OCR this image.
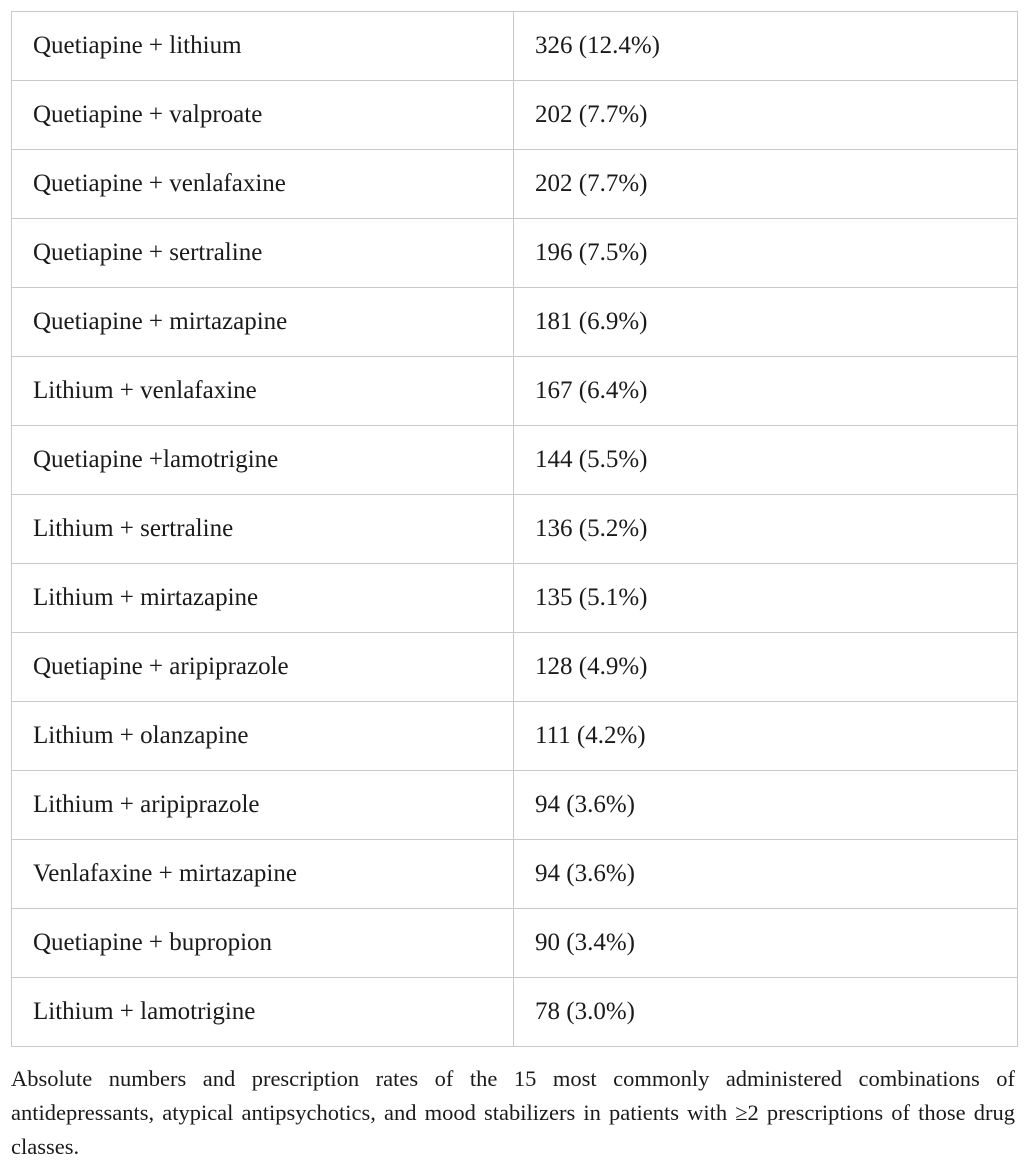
Quetiapine + lithium	326 (12.4%)
Quetiapine + valproate	202 (7.7%)
Quetiapine + venlafaxine	202 (7.7%)
Quetiapine + sertraline	196 (7.5%)
Quetiapine + mirtazapine	181 (6.9%)
Lithium + venlafaxine	167 (6.4%)
Quetiapine +lamotrigine	144 (5.5%)
Lithium + sertraline	136 (5.2%)
Lithium + mirtazapine	135 (5.1%)
Quetiapine + aripiprazole	128 (4.9%)
Lithium + olanzapine	111 (4.2%)
Lithium + aripiprazole	94 (3.6%)
Venlafaxine + mirtazapine	94 (3.6%)
Quetiapine + bupropion	90 (3.4%)
Lithium + lamotrigine	78 (3.0%)

Absolute numbers and prescription rates of the 15 most commonly administered combinations of antidepressants, atypical antipsychotics, and mood stabilizers in patients with ≥2 prescriptions of those drug classes.
